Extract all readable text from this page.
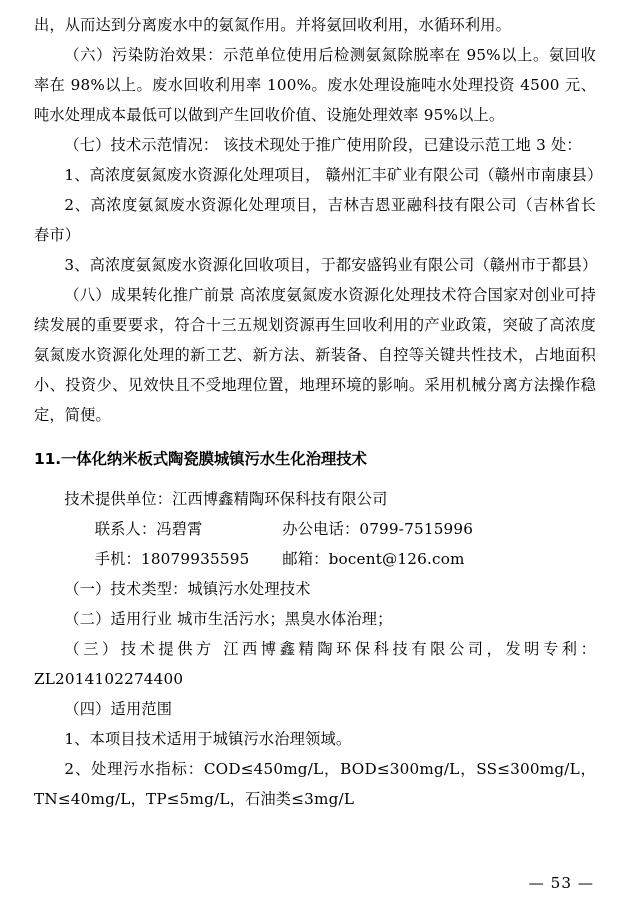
出，从而达到分离废水中的氨氮作用。并将氨回收利用，水循环利用。

（六）污染防治效果：示范单位使用后检测氨氮除脱率在 95%以上。氨回收率在 98%以上。废水回收利用率 100%。废水处理设施吨水处理投资 4500 元、吨水处理成本最低可以做到产生回收价值、设施处理效率 95%以上。

（七）技术示范情况： 该技术现处于推广使用阶段，已建设示范工地 3 处：

1、高浓度氨氮废水资源化处理项目， 赣州汇丰矿业有限公司（赣州市南康县）

2、高浓度氨氮废水资源化处理项目，吉林吉恩亚融科技有限公司（吉林省长春市）

3、高浓度氨氮废水资源化回收项目，于都安盛钨业有限公司（赣州市于都县）

（八）成果转化推广前景 高浓度氨氮废水资源化处理技术符合国家对创业可持续发展的重要要求，符合十三五规划资源再生回收利用的产业政策，突破了高浓度氨氮废水资源化处理的新工艺、新方法、新装备、自控等关键共性技术，占地面积小、投资少、见效快且不受地理位置，地理环境的影响。采用机械分离方法操作稳定，简便。

11.一体化纳米板式陶瓷膜城镇污水生化治理技术

技术提供单位：江西博鑫精陶环保科技有限公司

联系人：冯碧霄	办公电话：0799-7515996

手机：18079935595 邮箱：bocent@126.com

（一）技术类型：城镇污水处理技术

（二）适用行业 城市生活污水；黑臭水体治理；

（三）技术提供方 江西博鑫精陶环保科技有限公司，发明专利：ZL2014102274400

（四）适用范围

1、本项目技术适用于城镇污水治理领域。

2、处理污水指标：COD≤450mg/L，BOD≤300mg/L，SS≤300mg/L，TN≤40mg/L，TP≤5mg/L，石油类≤3mg/L

— 53 —
